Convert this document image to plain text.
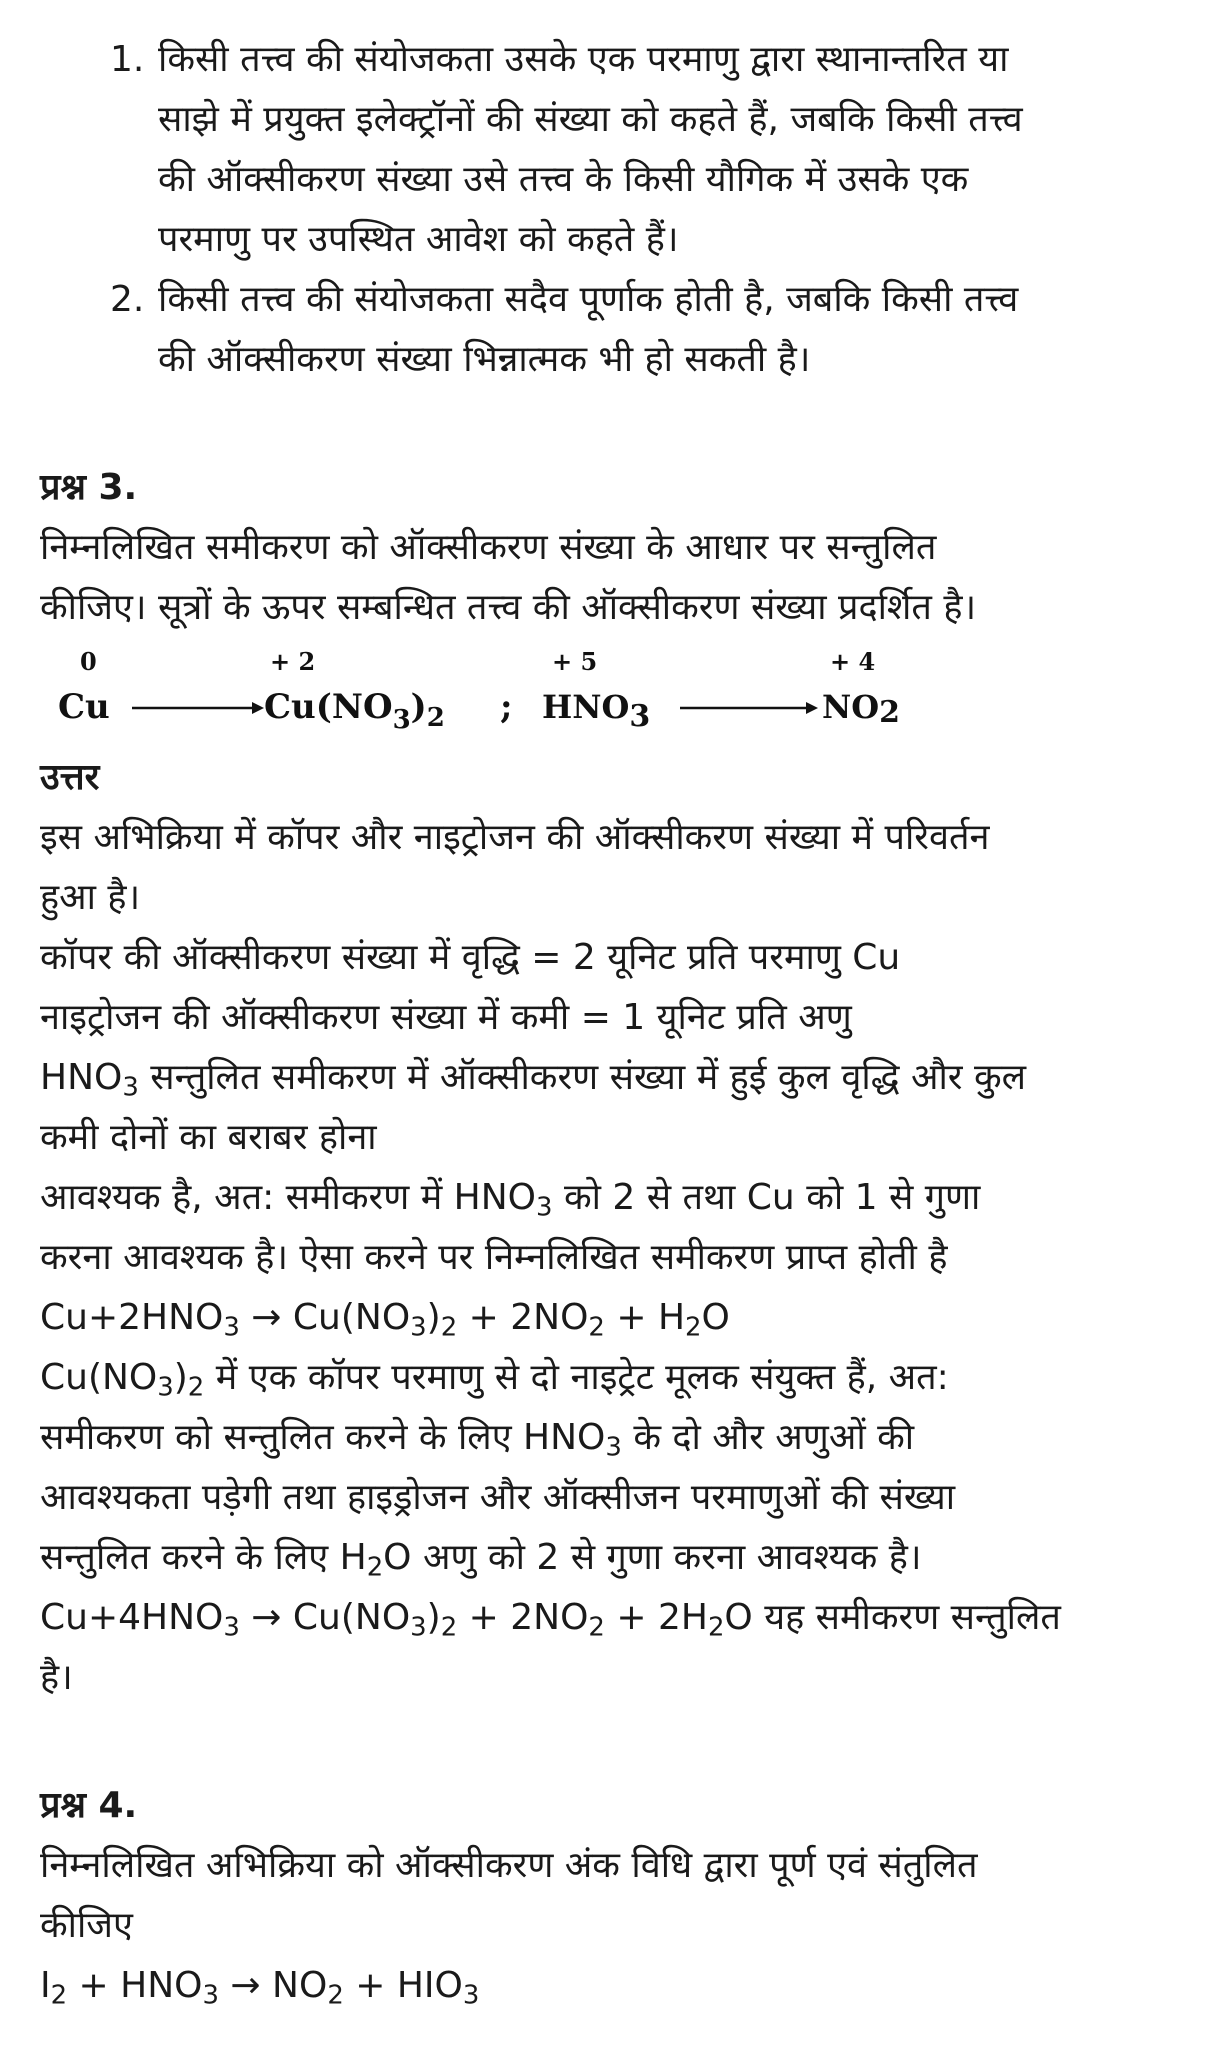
1. किसी तत्त्व की संयोजकता उसके एक परमाणु द्वारा स्थानान्तरित या
साझे में प्रयुक्त इलेक्ट्रॉनों की संख्या को कहते हैं, जबकि किसी तत्त्व
की ऑक्सीकरण संख्या उसे तत्त्व के किसी यौगिक में उसके एक
परमाणु पर उपस्थित आवेश को कहते हैं।
2. किसी तत्त्व की संयोजकता सदैव पूर्णाक होती है, जबकि किसी तत्त्व
की ऑक्सीकरण संख्या भिन्नात्मक भी हो सकती है।
प्रश्न 3.
निम्नलिखित समीकरण को ऑक्सीकरण संख्या के आधार पर सन्तुलित
कीजिए। सूत्रों के ऊपर सम्बन्धित तत्त्व की ऑक्सीकरण संख्या प्रदर्शित है।
0
Cu
+ 2
$Cu(NO_3)_2$ ;
+ 5
HNO3
+ 4
NO2
उत्तर
इस अभिक्रिया में कॉपर और नाइट्रोजन की ऑक्सीकरण संख्या में परिवर्तन
हुआ है।
कॉपर की ऑक्सीकरण संख्या में वृद्धि = 2 यूनिट प्रति परमाणु Cu
नाइट्रोजन की ऑक्सीकरण संख्या में कमी = 1 यूनिट प्रति अणु
$HNO_3$ सन्तुलित समीकरण में ऑक्सीकरण संख्या में हुई कुल वृद्धि और कुल
कमी दोनों का बराबर होना
आवश्यक है, अत: समीकरण में $HNO_3$ को 2 से तथा Cu को 1 से गुणा
करना आवश्यक है। ऐसा करने पर निम्नलिखित समीकरण प्राप्त होती है
$Cu+2HNO_3 \to Cu(NO_3)_2 + 2NO_2 + H_2O$
$Cu(NO_3)_2$ में एक कॉपर परमाणु से दो नाइट्रेट मूलक संयुक्त हैं, अत:
समीकरण को सन्तुलित करने के लिए $HNO_3$ के दो और अणुओं की
आवश्यकता पड़ेगी तथा हाइड्रोजन और ऑक्सीजन परमाणुओं की संख्या
सन्तुलित करने के लिए $H_2O$ अणु को 2 से गुणा करना आवश्यक है।
$Cu+4HNO_3 \to Cu(NO_3)_2 + 2NO_2 + 2H_2O$ यह समीकरण सन्तुलित
है।
प्रश्न 4.
निम्नलिखित अभिक्रिया को ऑक्सीकरण अंक विधि द्वारा पूर्ण एवं संतुलित
कीजिए
$I_2 + HNO_3 \to NO_2 + HIO_3$
